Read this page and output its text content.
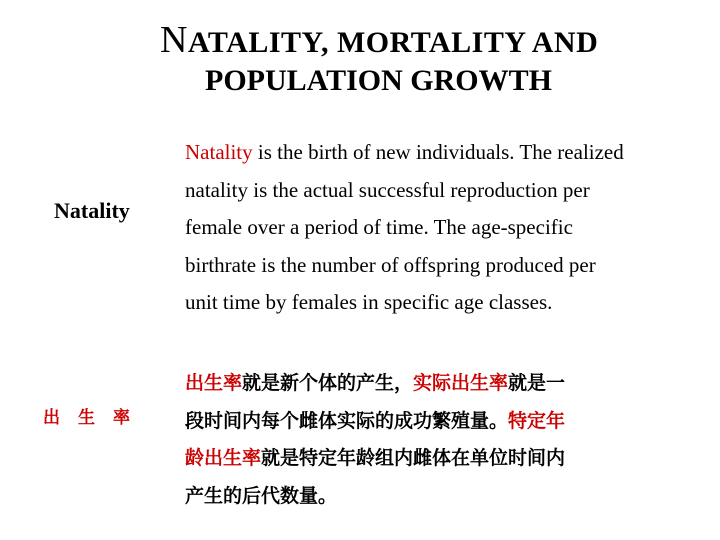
NATALITY, MORTALITY AND
POPULATION GROWTH
Natality
Natality is the birth of new individuals. The realized
natality is the actual successful reproduction per
female over a period of time. The age-specific
birthrate is the number of offspring produced per
unit time by females in specific age classes.
出 生 率
出生率就是新个体的产生，实际出生率就是一
段时间内每个雌体实际的成功繁殖量。特定年
龄出生率就是特定年龄组内雌体在单位时间内
产生的后代数量。
